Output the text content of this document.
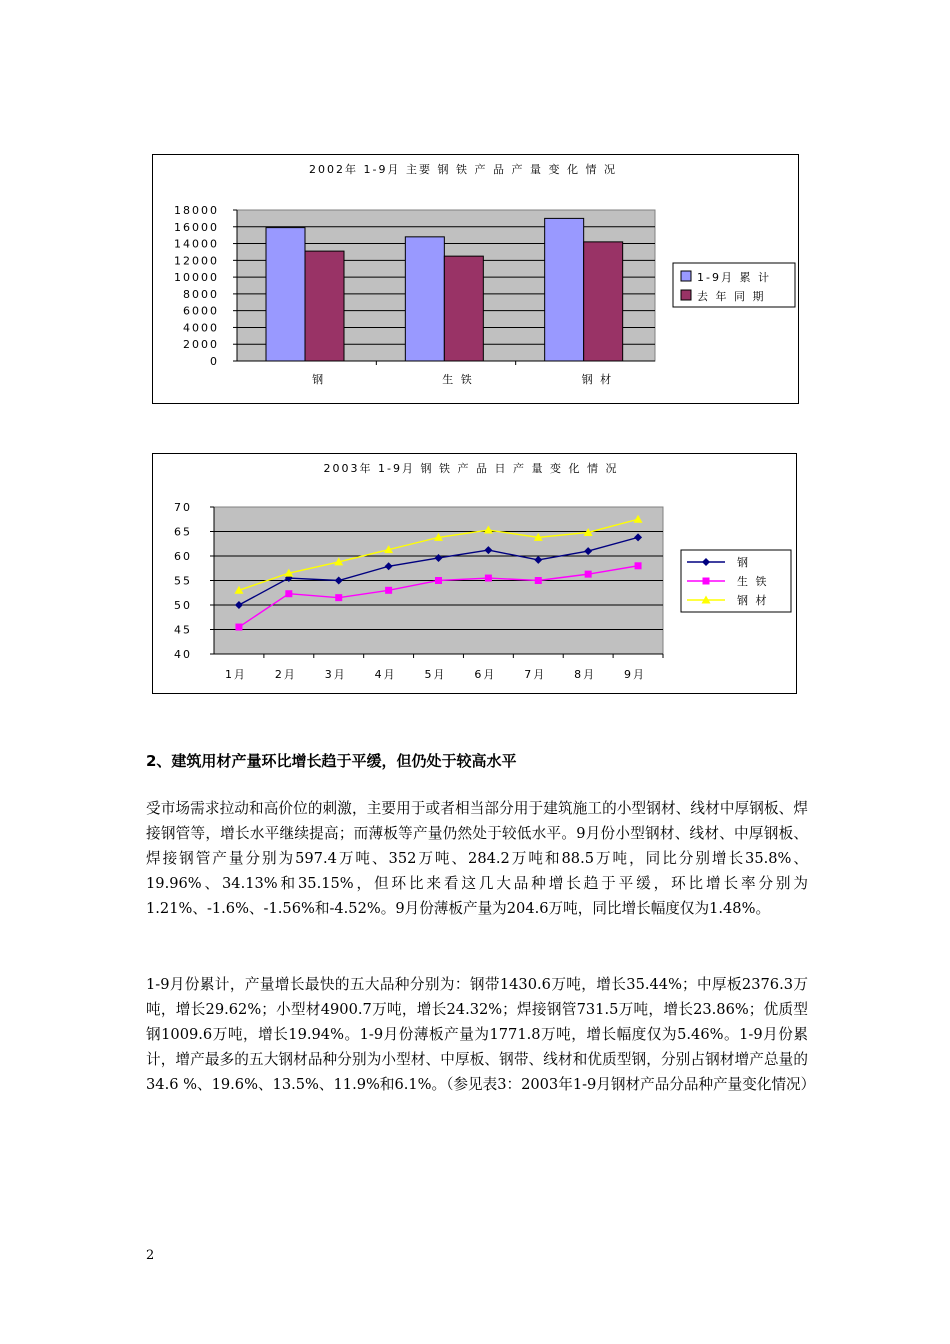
2002年 1-9月 主要 钢 铁 产 品 产 量 变 化 情 况
18000
16000
14000
12000
10000
8000
6000
4000
2000
0
钢	生 铁	钢 材
1-9月 累 计
去 年 同 期
2003年 1-9月 钢 铁 产 品 日 产 量 变 化 情 况
70
65
60
55
50
45
40
1月	2月	3月	4月	5月	6月	7月	8月	9月
钢
生 铁
钢 材
2、建筑用材产量环比增长趋于平缓，但仍处于较高水平
受市场需求拉动和高价位的刺激，主要用于或者相当部分用于建筑施工的小型钢材、线材中厚钢板、焊接钢管等，增长水平继续提高；而薄板等产量仍然处于较低水平。9月份小型钢材、线材、中厚钢板、焊接钢管产量分别为597.4万吨、352万吨、284.2万吨和88.5万吨，同比分别增长35.8%、19.96%、34.13%和35.15%，但环比来看这几大品种增长趋于平缓，环比增长率分别为1.21%、-1.6%、-1.56%和-4.52%。9月份薄板产量为204.6万吨，同比增长幅度仅为1.48%。
1-9月份累计，产量增长最快的五大品种分别为：钢带1430.6万吨，增长35.44%；中厚板2376.3万吨，增长29.62%；小型材4900.7万吨，增长24.32%；焊接钢管731.5万吨，增长23.86%；优质型钢1009.6万吨，增长19.94%。1-9月份薄板产量为1771.8万吨，增长幅度仅为5.46%。1-9月份累计，增产最多的五大钢材品种分别为小型材、中厚板、钢带、线材和优质型钢，分别占钢材增产总量的34.6 %、19.6%、13.5%、11.9%和6.1%。（参见表3：2003年1-9月钢材产品分品种产量变化情况）
2
